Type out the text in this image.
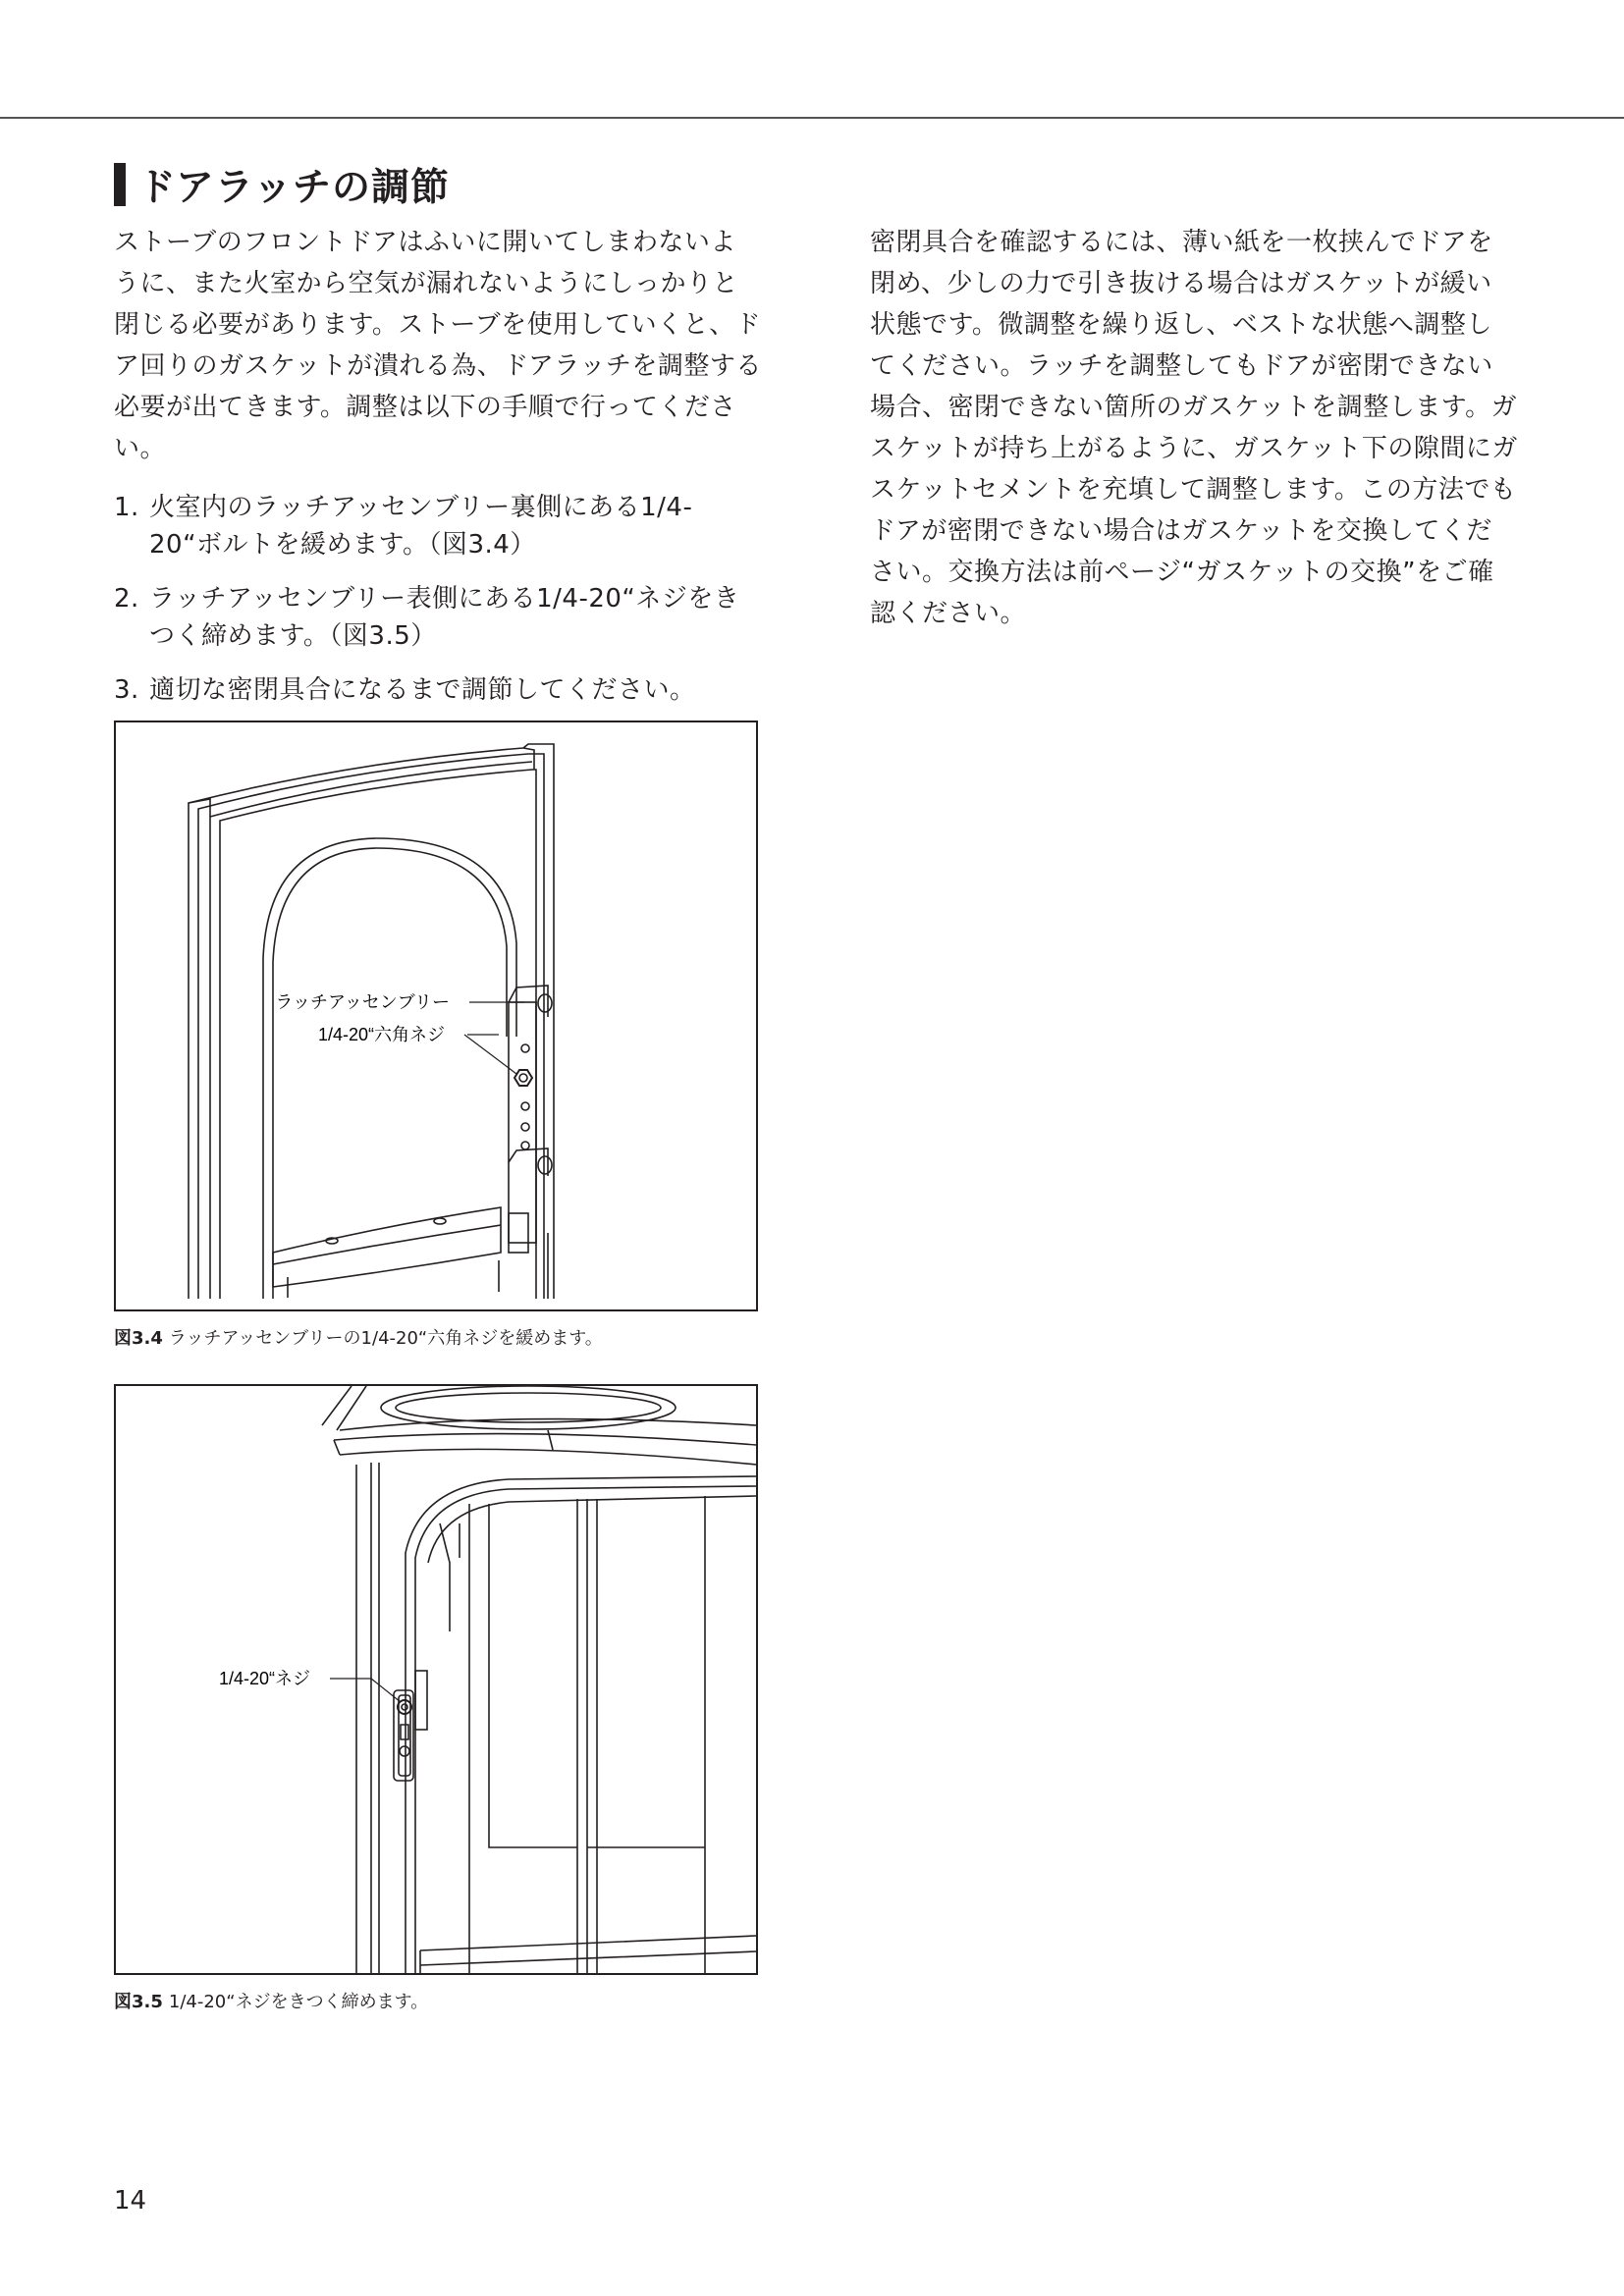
ドアラッチの調節

ストーブのフロントドアはふいに開いてしまわないように、また火室から空気が漏れないようにしっかりと閉じる必要があります。ストーブを使用していくと、ドア回りのガスケットが潰れる為、ドアラッチを調整する必要が出てきます。調整は以下の手順で行ってください。

1. 火室内のラッチアッセンブリー裏側にある1/4-20“ボルトを緩めます。（図3.4）
2. ラッチアッセンブリー表側にある1/4-20“ネジをきつく締めます。（図3.5）
3. 適切な密閉具合になるまで調節してください。

密閉具合を確認するには、薄い紙を一枚挟んでドアを閉め、少しの力で引き抜ける場合はガスケットが緩い状態です。微調整を繰り返し、ベストな状態へ調整してください。ラッチを調整してもドアが密閉できない場合、密閉できない箇所のガスケットを調整します。ガスケットが持ち上がるように、ガスケット下の隙間にガスケットセメントを充填して調整します。この方法でもドアが密閉できない場合はガスケットを交換してください。交換方法は前ページ“ガスケットの交換”をご確認ください。

ラッチアッセンブリー
1/4-20“六角ネジ
図3.4 ラッチアッセンブリーの1/4-20“六角ネジを緩めます。
1/4-20“ネジ
図3.5 1/4-20“ネジをきつく締めます。
14
